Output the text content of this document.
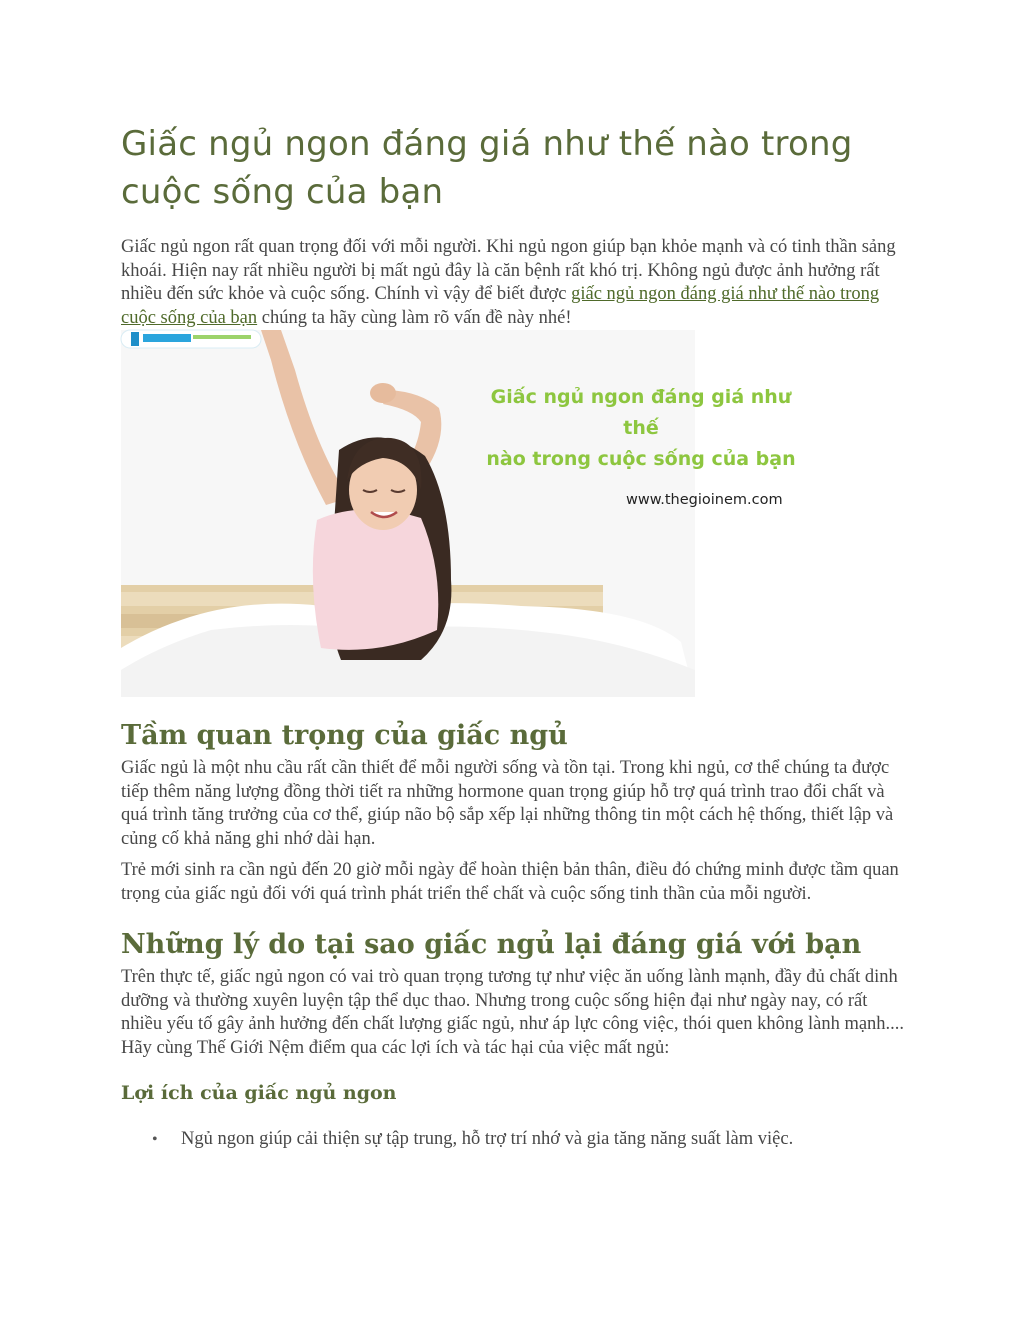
Giấc ngủ ngon đáng giá như thế nào trong cuộc sống của bạn

Giấc ngủ ngon rất quan trọng đối với mỗi người. Khi ngủ ngon giúp bạn khỏe mạnh và có tinh thần sảng khoái. Hiện nay rất nhiều người bị mất ngủ đây là căn bệnh rất khó trị. Không ngủ được ảnh hưởng rất nhiều đến sức khỏe và cuộc sống. Chính vì vậy để biết được giấc ngủ ngon đáng giá như thế nào trong cuộc sống của bạn chúng ta hãy cùng làm rõ vấn đề này nhé!

Giấc ngủ ngon đáng giá như thế
nào trong cuộc sống của bạn
www.thegioinem.com
Tầm quan trọng của giấc ngủ

Giấc ngủ là một nhu cầu rất cần thiết để mỗi người sống và tồn tại. Trong khi ngủ, cơ thể chúng ta được tiếp thêm năng lượng đồng thời tiết ra những hormone quan trọng giúp hỗ trợ quá trình trao đổi chất và quá trình tăng trưởng của cơ thể, giúp não bộ sắp xếp lại những thông tin một cách hệ thống, thiết lập và củng cố khả năng ghi nhớ dài hạn.

Trẻ mới sinh ra cần ngủ đến 20 giờ mỗi ngày để hoàn thiện bản thân, điều đó chứng minh được tầm quan trọng của giấc ngủ đối với quá trình phát triển thể chất và cuộc sống tinh thần của mỗi người.

Những lý do tại sao giấc ngủ lại đáng giá với bạn

Trên thực tế, giấc ngủ ngon có vai trò quan trọng tương tự như việc ăn uống lành mạnh, đầy đủ chất dinh dưỡng và thường xuyên luyện tập thể dục thao. Nhưng trong cuộc sống hiện đại như ngày nay, có rất nhiều yếu tố gây ảnh hưởng đến chất lượng giấc ngủ, như áp lực công việc, thói quen không lành mạnh.... Hãy cùng Thế Giới Nệm điểm qua các lợi ích và tác hại của việc mất ngủ:

Lợi ích của giấc ngủ ngon
• Ngủ ngon giúp cải thiện sự tập trung, hỗ trợ trí nhớ và gia tăng năng suất làm việc.
